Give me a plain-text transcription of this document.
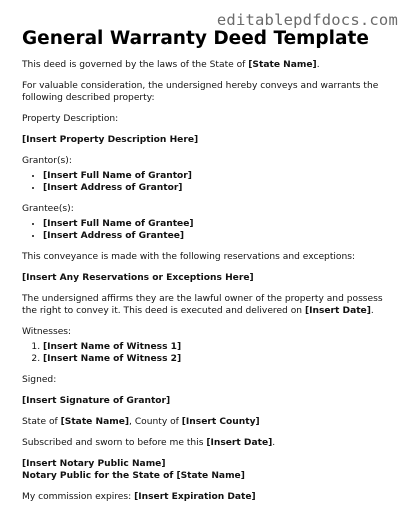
editablepdfdocs.com
General Warranty Deed Template

This deed is governed by the laws of the State of [State Name].

For valuable consideration, the undersigned hereby conveys and warrants the following described property:

Property Description:

[Insert Property Description Here]

Grantor(s):

• [Insert Full Name of Grantor]
• [Insert Address of Grantor]

Grantee(s):

• [Insert Full Name of Grantee]
• [Insert Address of Grantee]

This conveyance is made with the following reservations and exceptions:

[Insert Any Reservations or Exceptions Here]

The undersigned affirms they are the lawful owner of the property and possess the right to convey it. This deed is executed and delivered on [Insert Date].

Witnesses:

1. [Insert Name of Witness 1]
2. [Insert Name of Witness 2]

Signed:

[Insert Signature of Grantor]

State of [State Name], County of [Insert County]

Subscribed and sworn to before me this [Insert Date].

[Insert Notary Public Name]
Notary Public for the State of [State Name]

My commission expires: [Insert Expiration Date]
